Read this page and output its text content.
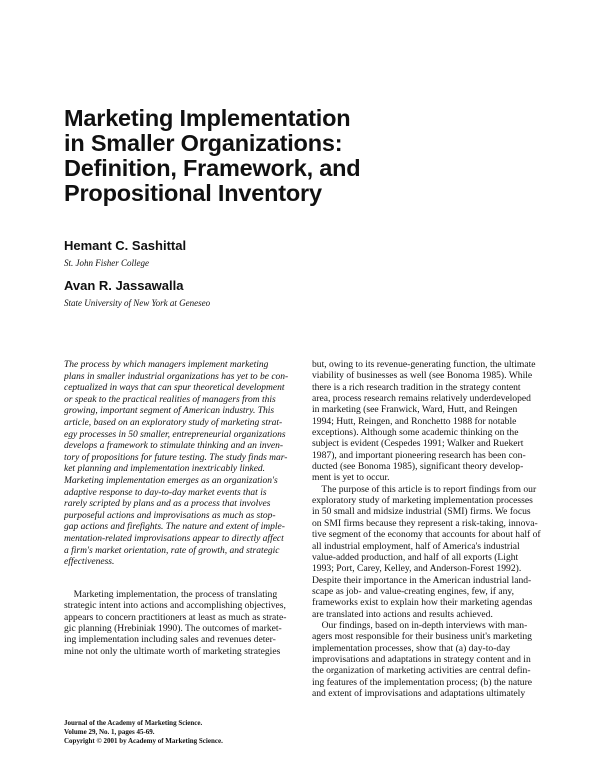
Marketing Implementation
in Smaller Organizations:
Definition, Framework, and
Propositional Inventory
Hemant C. Sashittal
St. John Fisher College
Avan R. Jassawalla
State University of New York at Geneseo
The process by which managers implement marketing
plans in smaller industrial organizations has yet to be con-
ceptualized in ways that can spur theoretical development
or speak to the practical realities of managers from this
growing, important segment of American industry. This
article, based on an exploratory study of marketing strat-
egy processes in 50 smaller, entrepreneurial organizations
develops a framework to stimulate thinking and an inven-
tory of propositions for future testing. The study finds mar-
ket planning and implementation inextricably linked.
Marketing implementation emerges as an organization's
adaptive response to day-to-day market events that is
rarely scripted by plans and as a process that involves
purposeful actions and improvisations as much as stop-
gap actions and firefights. The nature and extent of imple-
mentation-related improvisations appear to directly affect
a firm's market orientation, rate of growth, and strategic
effectiveness.
Marketing implementation, the process of translating
strategic intent into actions and accomplishing objectives,
appears to concern practitioners at least as much as strate-
gic planning (Hrebiniak 1990). The outcomes of market-
ing implementation including sales and revenues deter-
mine not only the ultimate worth of marketing strategies
but, owing to its revenue-generating function, the ultimate
viability of businesses as well (see Bonoma 1985). While
there is a rich research tradition in the strategy content
area, process research remains relatively underdeveloped
in marketing (see Franwick, Ward, Hutt, and Reingen
1994; Hutt, Reingen, and Ronchetto 1988 for notable
exceptions). Although some academic thinking on the
subject is evident (Cespedes 1991; Walker and Ruekert
1987), and important pioneering research has been con-
ducted (see Bonoma 1985), significant theory develop-
ment is yet to occur.
The purpose of this article is to report findings from our
exploratory study of marketing implementation processes
in 50 small and midsize industrial (SMI) firms. We focus
on SMI firms because they represent a risk-taking, innova-
tive segment of the economy that accounts for about half of
all industrial employment, half of America's industrial
value-added production, and half of all exports (Light
1993; Port, Carey, Kelley, and Anderson-Forest 1992).
Despite their importance in the American industrial land-
scape as job- and value-creating engines, few, if any,
frameworks exist to explain how their marketing agendas
are translated into actions and results achieved.
Our findings, based on in-depth interviews with man-
agers most responsible for their business unit's marketing
implementation processes, show that (a) day-to-day
improvisations and adaptations in strategy content and in
the organization of marketing activities are central defin-
ing features of the implementation process; (b) the nature
and extent of improvisations and adaptations ultimately
Journal of the Academy of Marketing Science.
Volume 29, No. 1, pages 45-69.
Copyright © 2001 by Academy of Marketing Science.
